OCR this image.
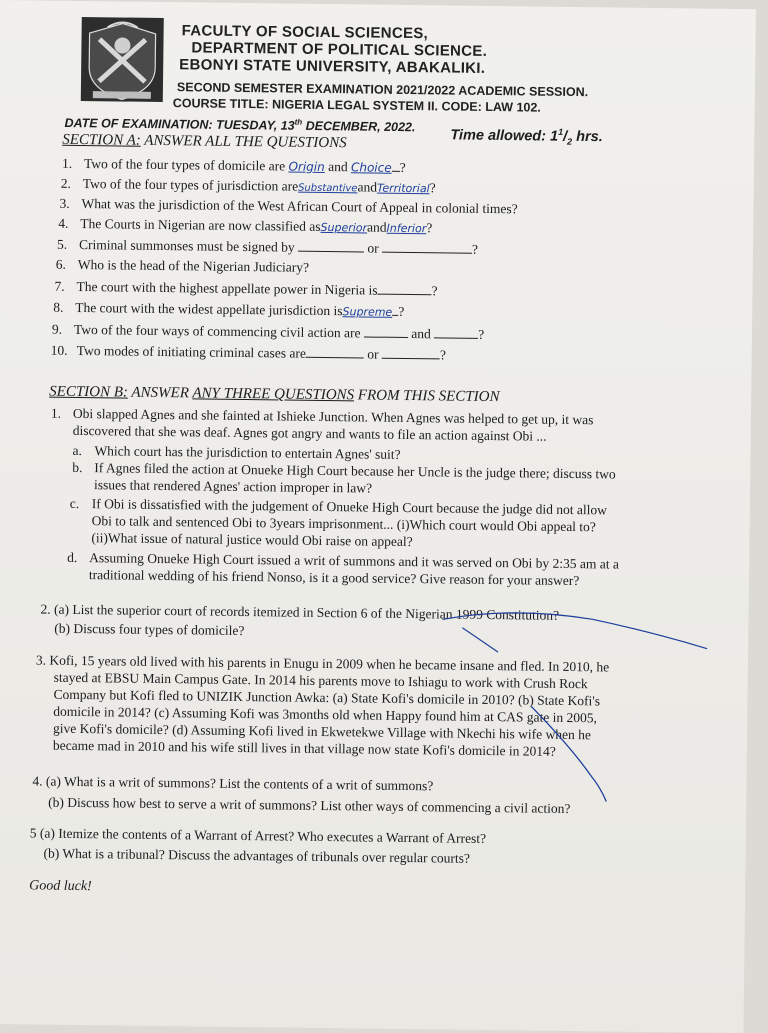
FACULTY OF SOCIAL SCIENCES,
DEPARTMENT OF POLITICAL SCIENCE.
EBONYI STATE UNIVERSITY, ABAKALIKI.
SECOND SEMESTER EXAMINATION 2021/2022 ACADEMIC SESSION.
COURSE TITLE: NIGERIA LEGAL SYSTEM II. CODE: LAW 102.
DATE OF EXAMINATION: TUESDAY, 13th DECEMBER, 2022.
Time allowed: $1^1/_2$ hrs.
SECTION A: ANSWER ALL THE QUESTIONS
1. Two of the four types of domicile are Origin and Choice ?
2. Two of the four types of jurisdiction areSubstantiveandTerritorial?
3. What was the jurisdiction of the West African Court of Appeal in colonial times?
4. The Courts in Nigerian are now classified asSuperiorandInferior?
5. Criminal summonses must be signed by	or	?
6. Who is the head of the Nigerian Judiciary?
7. The court with the highest appellate power in Nigeria is	?
8. The court with the widest appellate jurisdiction isSupreme ?
9. Two of the four ways of commencing civil action are	and	?
10. Two modes of initiating criminal cases are	or	?
SECTION B: ANSWER ANY THREE QUESTIONS FROM THIS SECTION
1. Obi slapped Agnes and she fainted at Ishieke Junction. When Agnes was helped to get up, it was
discovered that she was deaf. Agnes got angry and wants to file an action against Obi ...
a. Which court has the jurisdiction to entertain Agnes' suit?
b. If Agnes filed the action at Onueke High Court because her Uncle is the judge there; discuss two
issues that rendered Agnes' action improper in law?
c. If Obi is dissatisfied with the judgement of Onueke High Court because the judge did not allow
Obi to talk and sentenced Obi to 3years imprisonment... (i)Which court would Obi appeal to?
(ii)What issue of natural justice would Obi raise on appeal?
d. Assuming Onueke High Court issued a writ of summons and it was served on Obi by 2:35 am at a
traditional wedding of his friend Nonso, is it a good service? Give reason for your answer?
2. (a) List the superior court of records itemized in Section 6 of the Nigerian 1999 Constitution?
(b) Discuss four types of domicile?
3. Kofi, 15 years old lived with his parents in Enugu in 2009 when he became insane and fled. In 2010, he
stayed at EBSU Main Campus Gate. In 2014 his parents move to Ishiagu to work with Crush Rock
Company but Kofi fled to UNIZIK Junction Awka: (a) State Kofi's domicile in 2010? (b) State Kofi's
domicile in 2014? (c) Assuming Kofi was 3months old when Happy found him at CAS gate in 2005,
give Kofi's domicile? (d) Assuming Kofi lived in Ekwetekwe Village with Nkechi his wife when he
became mad in 2010 and his wife still lives in that village now state Kofi's domicile in 2014?
4. (a) What is a writ of summons? List the contents of a writ of summons?
(b) Discuss how best to serve a writ of summons? List other ways of commencing a civil action?
5 (a) Itemize the contents of a Warrant of Arrest? Who executes a Warrant of Arrest?
(b) What is a tribunal? Discuss the advantages of tribunals over regular courts?
Good luck!
